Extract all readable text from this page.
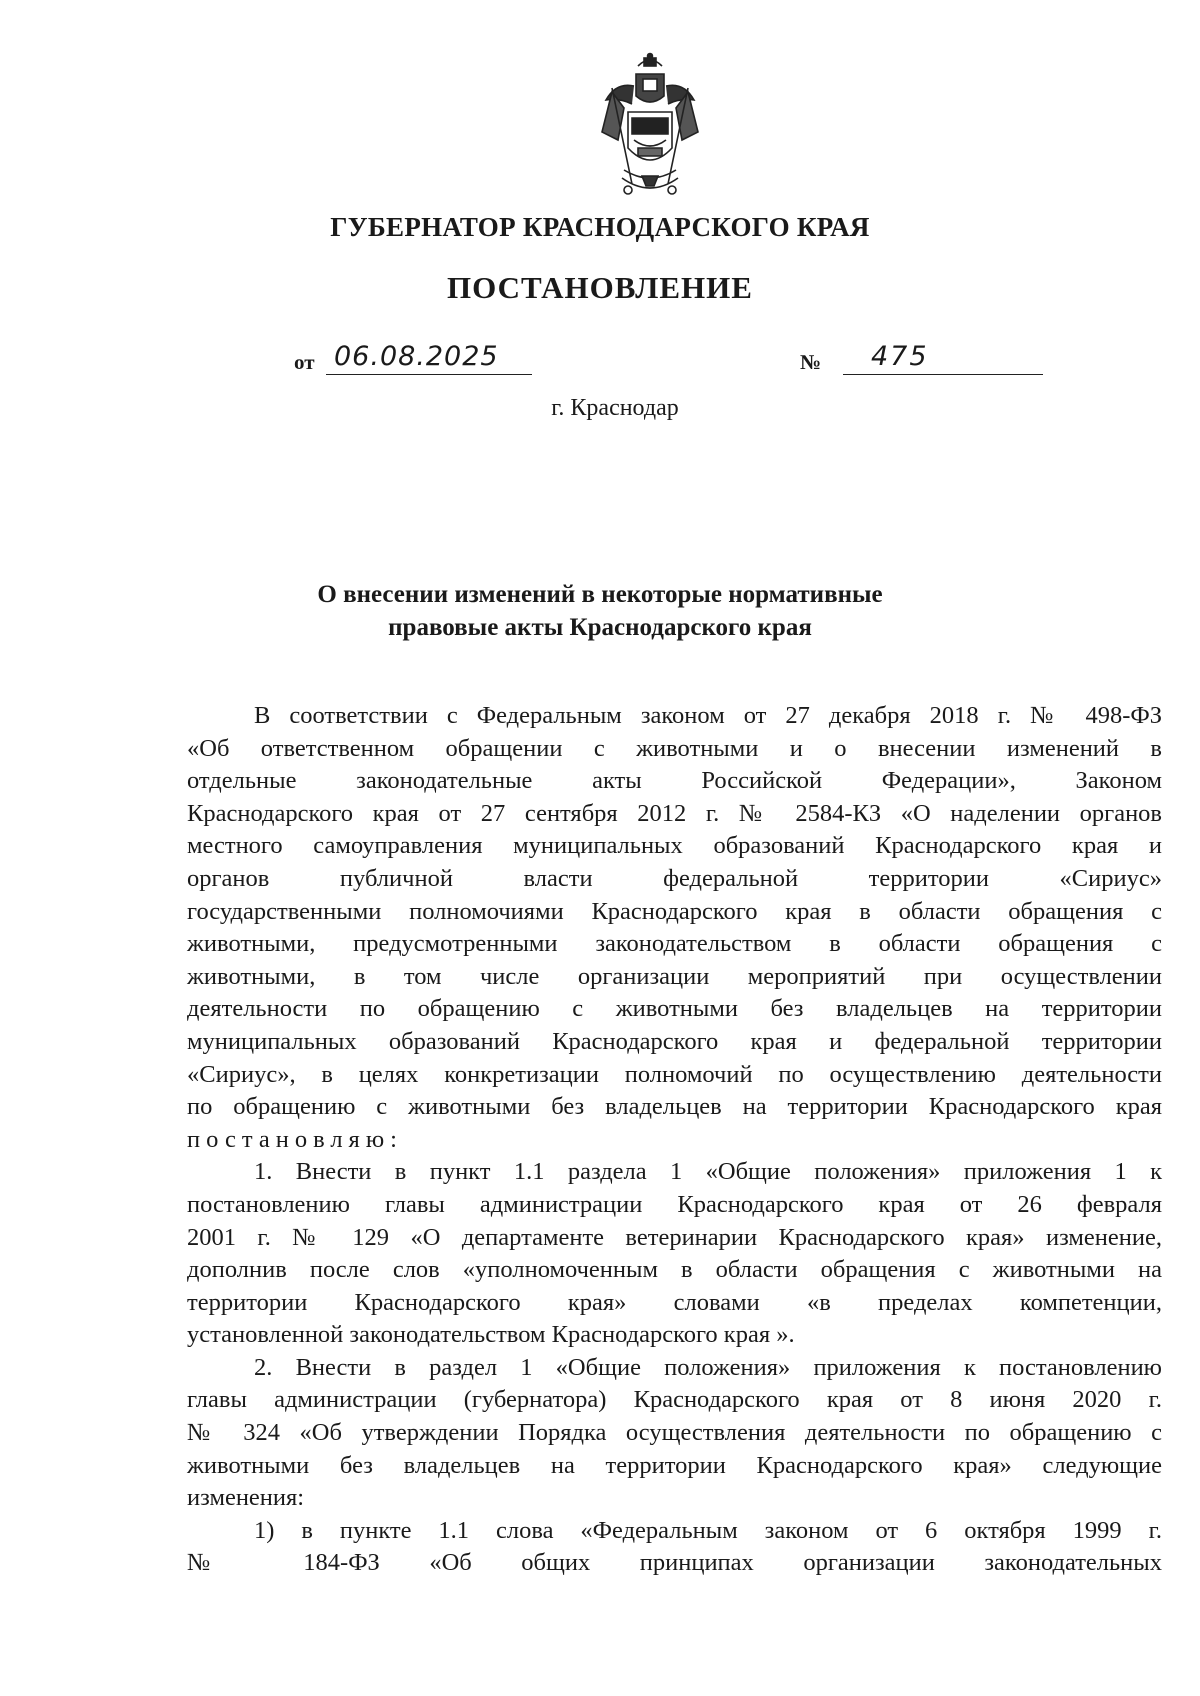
ГУБЕРНАТОР КРАСНОДАРСКОГО КРАЯ
ПОСТАНОВЛЕНИЕ
от 06.08.2025	№	475
г. Краснодар
О внесении изменений в некоторые нормативные
правовые акты Краснодарского края
В соответствии с Федеральным законом от 27 декабря 2018 г. № 498-ФЗ
«Об ответственном обращении с животными и о внесении изменений в
отдельные законодательные акты Российской Федерации», Законом
Краснодарского края от 27 сентября 2012 г. № 2584-КЗ «О наделении органов
местного самоуправления муниципальных образований Краснодарского края и
органов публичной власти федеральной территории «Сириус»
государственными полномочиями Краснодарского края в области обращения с
животными, предусмотренными законодательством в области обращения с
животными, в том числе организации мероприятий при осуществлении
деятельности по обращению с животными без владельцев на территории
муниципальных образований Краснодарского края и федеральной территории
«Сириус», в целях конкретизации полномочий по осуществлению деятельности
по обращению с животными без владельцев на территории Краснодарского края
постановляю:
1. Внести в пункт 1.1 раздела 1 «Общие положения» приложения 1 к
постановлению главы администрации Краснодарского края от 26 февраля
2001 г. № 129 «О департаменте ветеринарии Краснодарского края» изменение,
дополнив после слов «уполномоченным в области обращения с животными на
территории Краснодарского края» словами «в пределах компетенции,
установленной законодательством Краснодарского края ».
2. Внести в раздел 1 «Общие положения» приложения к постановлению
главы администрации (губернатора) Краснодарского края от 8 июня 2020 г.
№ 324 «Об утверждении Порядка осуществления деятельности по обращению с
животными без владельцев на территории Краснодарского края» следующие
изменения:
1) в пункте 1.1 слова «Федеральным законом от 6 октября 1999 г.
№ 184-ФЗ «Об общих принципах организации законодательных
